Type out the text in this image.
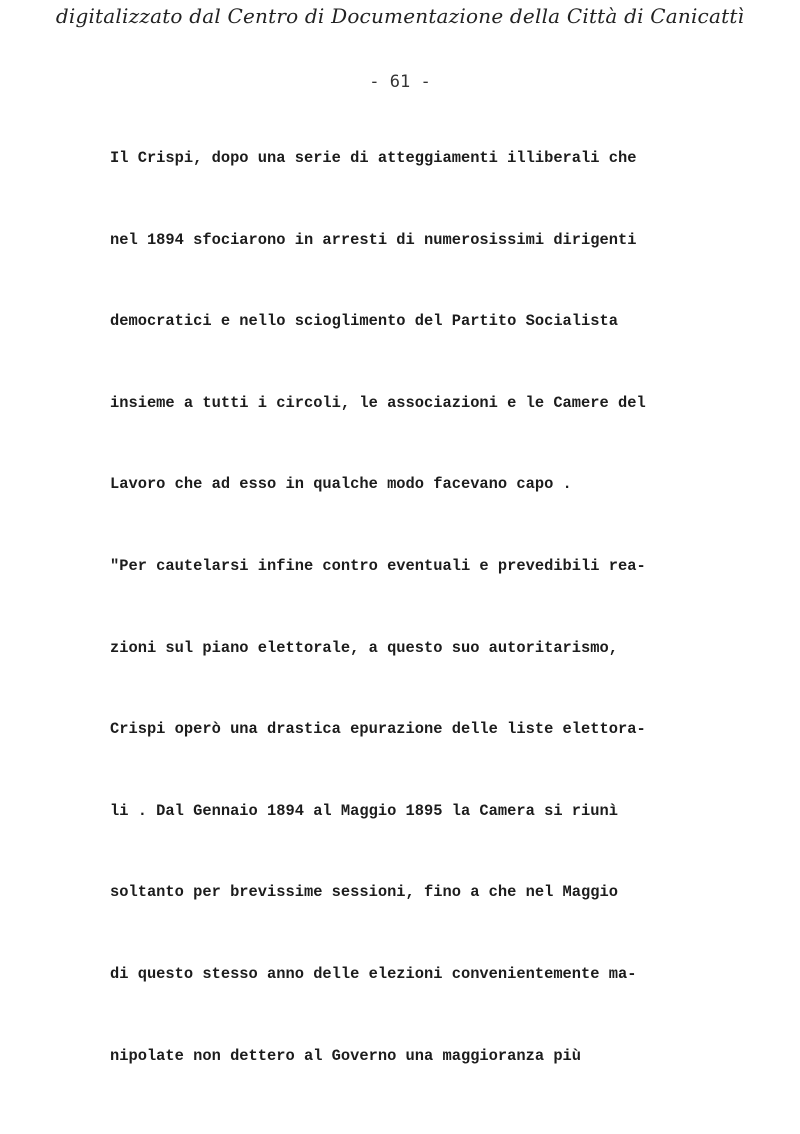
digitalizzato dal Centro di Documentazione della Città di Canicattì
- 61 -
Il Crispi, dopo una serie di atteggiamenti illiberali che
nel 1894 sfociarono in arresti di numerosissimi dirigenti
democratici e nello scioglimento del Partito Socialista
insieme a tutti i circoli, le associazioni e le Camere del
Lavoro che ad esso in qualche modo facevano capo .
"Per cautelarsi infine contro eventuali e prevedibili rea-
zioni sul piano elettorale, a questo suo autoritarismo,
Crispi operò una drastica epurazione delle liste elettora-
li . Dal Gennaio 1894 al Maggio 1895 la Camera si riunì
soltanto per brevissime sessioni, fino a che nel Maggio
di questo stesso anno delle elezioni convenientemente ma-
nipolate non dettero al Governo una maggioranza più
